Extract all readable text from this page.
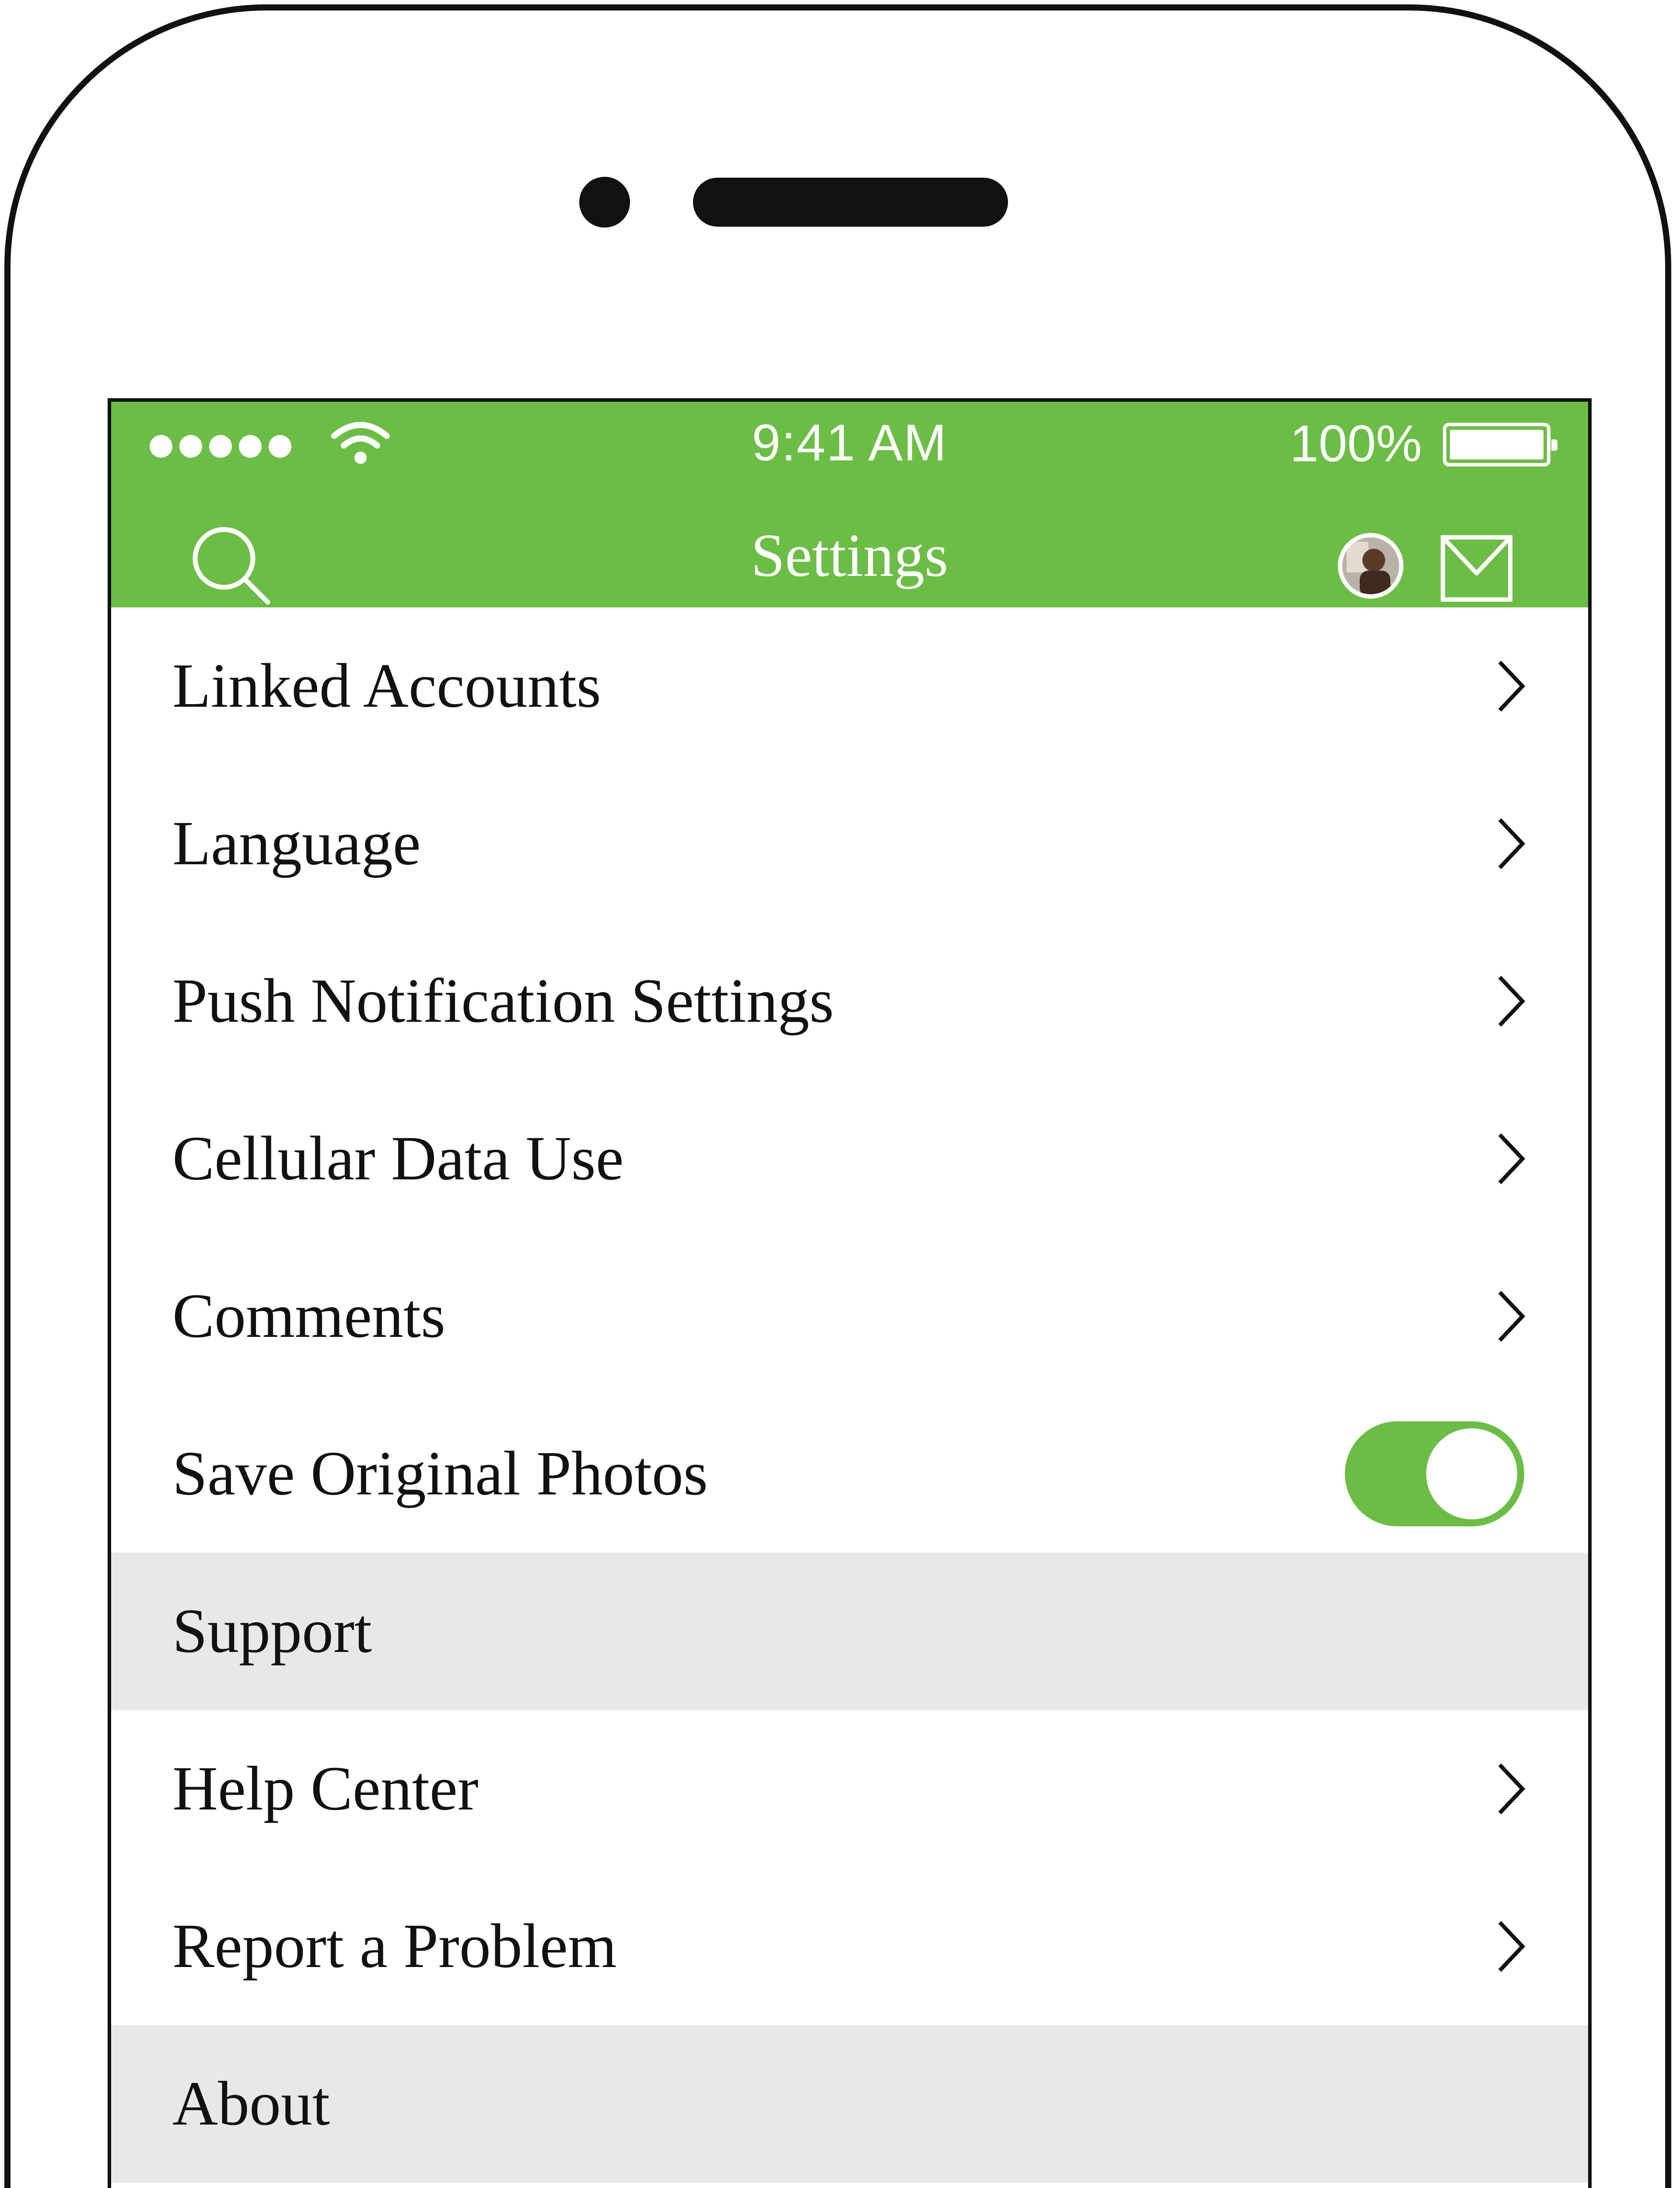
9:41 AM	100%
Settings
Linked Accounts
Language
Push Notification Settings
Cellular Data Use
Comments
Save Original Photos
Support
Help Center
Report a Problem
About
